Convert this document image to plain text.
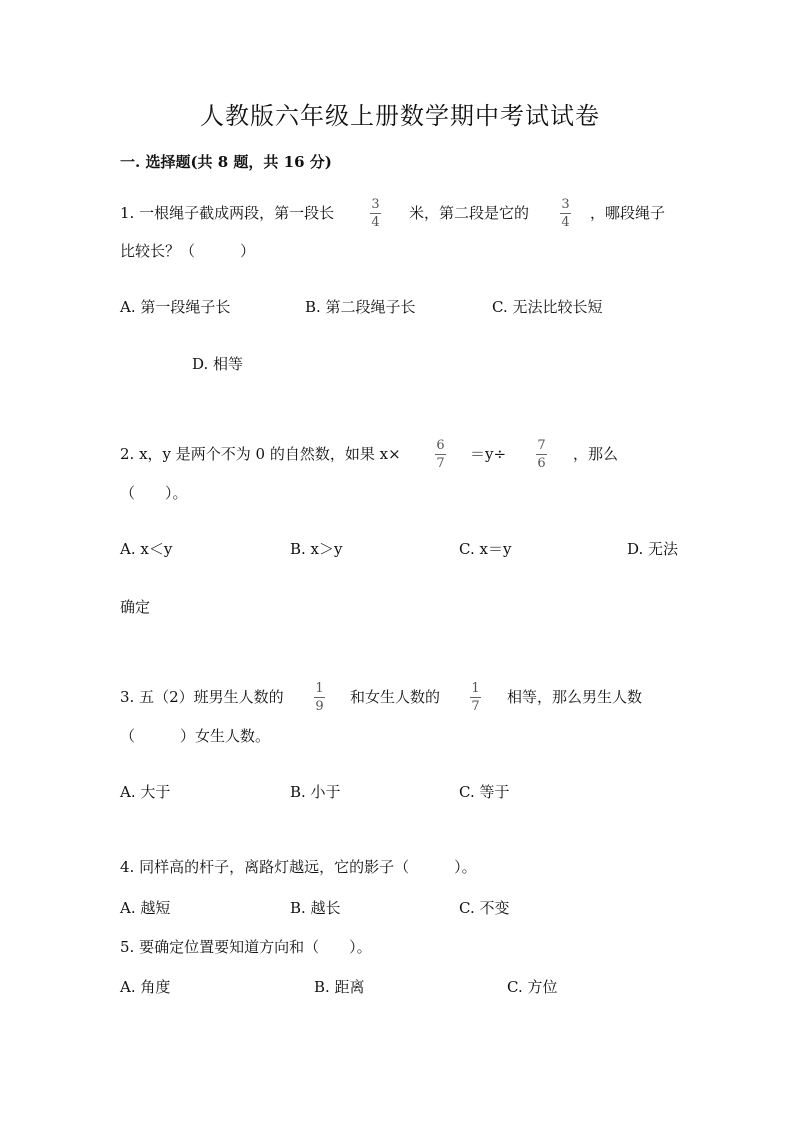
人教版六年级上册数学期中考试试卷
一. 选择题(共 8 题，共 16 分)
1. 一根绳子截成两段，第一段长	3
4
米，第二段是它的 3
4
，哪段绳子
比较长？（　　　）
A. 第一段绳子长	B. 第二段绳子长	C. 无法比较长短
D. 相等
2. x，y 是两个不为 0 的自然数，如果 x×	6
7
＝y÷ 7
6
，那么
（　　）。
A. x＜y	B. x＞y	C. x＝y	D. 无法
确定
3. 五（2）班男生人数的 1
9
和女生人数的 1
7
相等，那么男生人数
（　　　）女生人数。
A. 大于	B. 小于	C. 等于
4. 同样高的杆子，离路灯越远，它的影子（　　　）。
A. 越短	B. 越长	C. 不变
5. 要确定位置要知道方向和（　　）。
A. 角度	B. 距离	C. 方位
